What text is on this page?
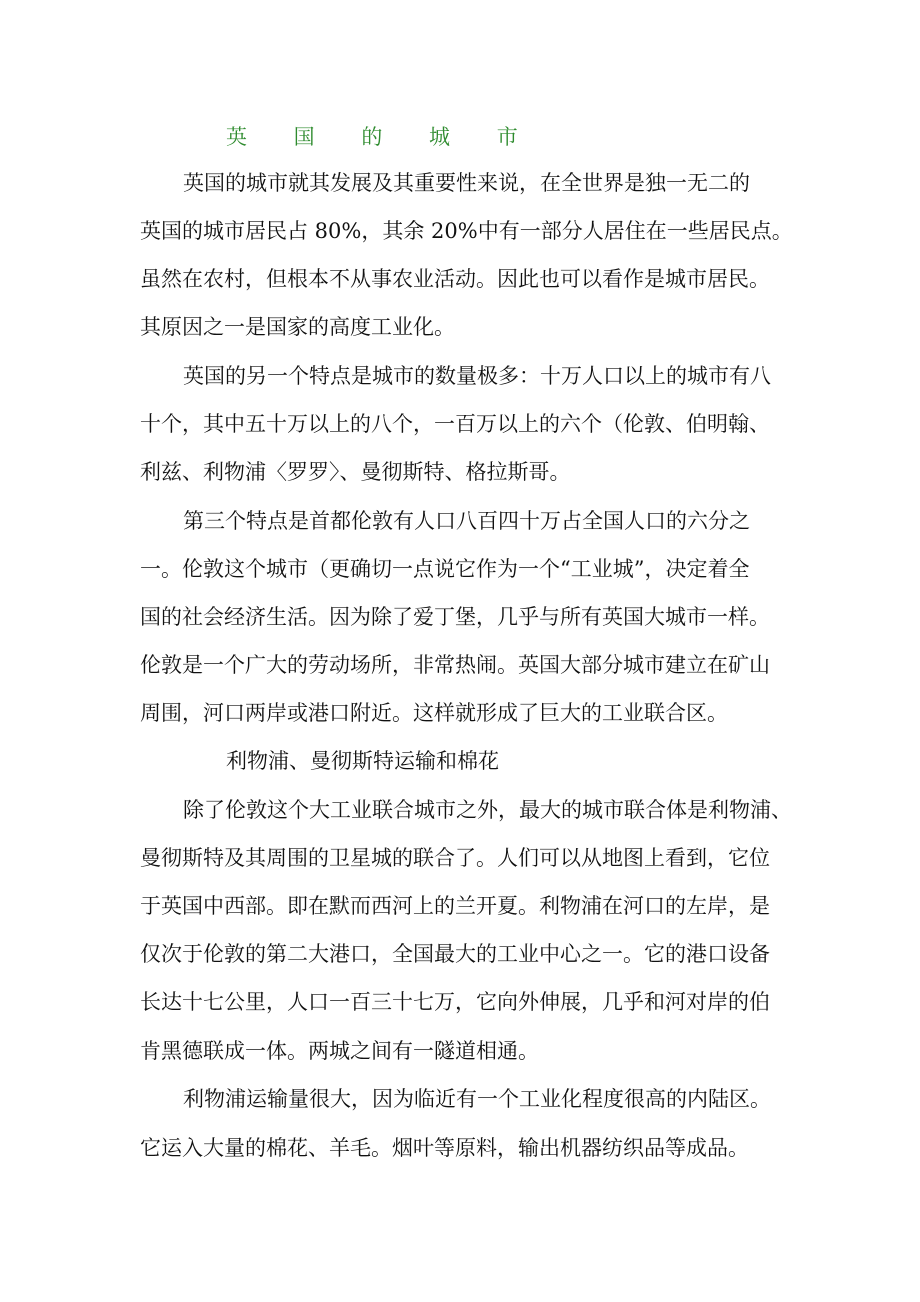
英 国 的 城 市
英国的城市就其发展及其重要性来说，在全世界是独一无二的
英国的城市居民占 80%，其余 20%中有一部分人居住在一些居民点。
虽然在农村，但根本不从事农业活动。因此也可以看作是城市居民。
其原因之一是国家的高度工业化。
英国的另一个特点是城市的数量极多：十万人口以上的城市有八
十个，其中五十万以上的八个，一百万以上的六个（伦敦、伯明翰、
利兹、利物浦〈罗罗〉、曼彻斯特、格拉斯哥。
第三个特点是首都伦敦有人口八百四十万占全国人口的六分之
一。伦敦这个城市（更确切一点说它作为一个“工业城”，决定着全
国的社会经济生活。因为除了爱丁堡，几乎与所有英国大城市一样。
伦敦是一个广大的劳动场所，非常热闹。英国大部分城市建立在矿山
周围，河口两岸或港口附近。这样就形成了巨大的工业联合区。
利物浦、曼彻斯特运输和棉花
除了伦敦这个大工业联合城市之外，最大的城市联合体是利物浦、
曼彻斯特及其周围的卫星城的联合了。人们可以从地图上看到，它位
于英国中西部。即在默而西河上的兰开夏。利物浦在河口的左岸，是
仅次于伦敦的第二大港口，全国最大的工业中心之一。它的港口设备
长达十七公里，人口一百三十七万，它向外伸展，几乎和河对岸的伯
肯黑德联成一体。两城之间有一隧道相通。
利物浦运输量很大，因为临近有一个工业化程度很高的内陆区。
它运入大量的棉花、羊毛。烟叶等原料，输出机器纺织品等成品。
